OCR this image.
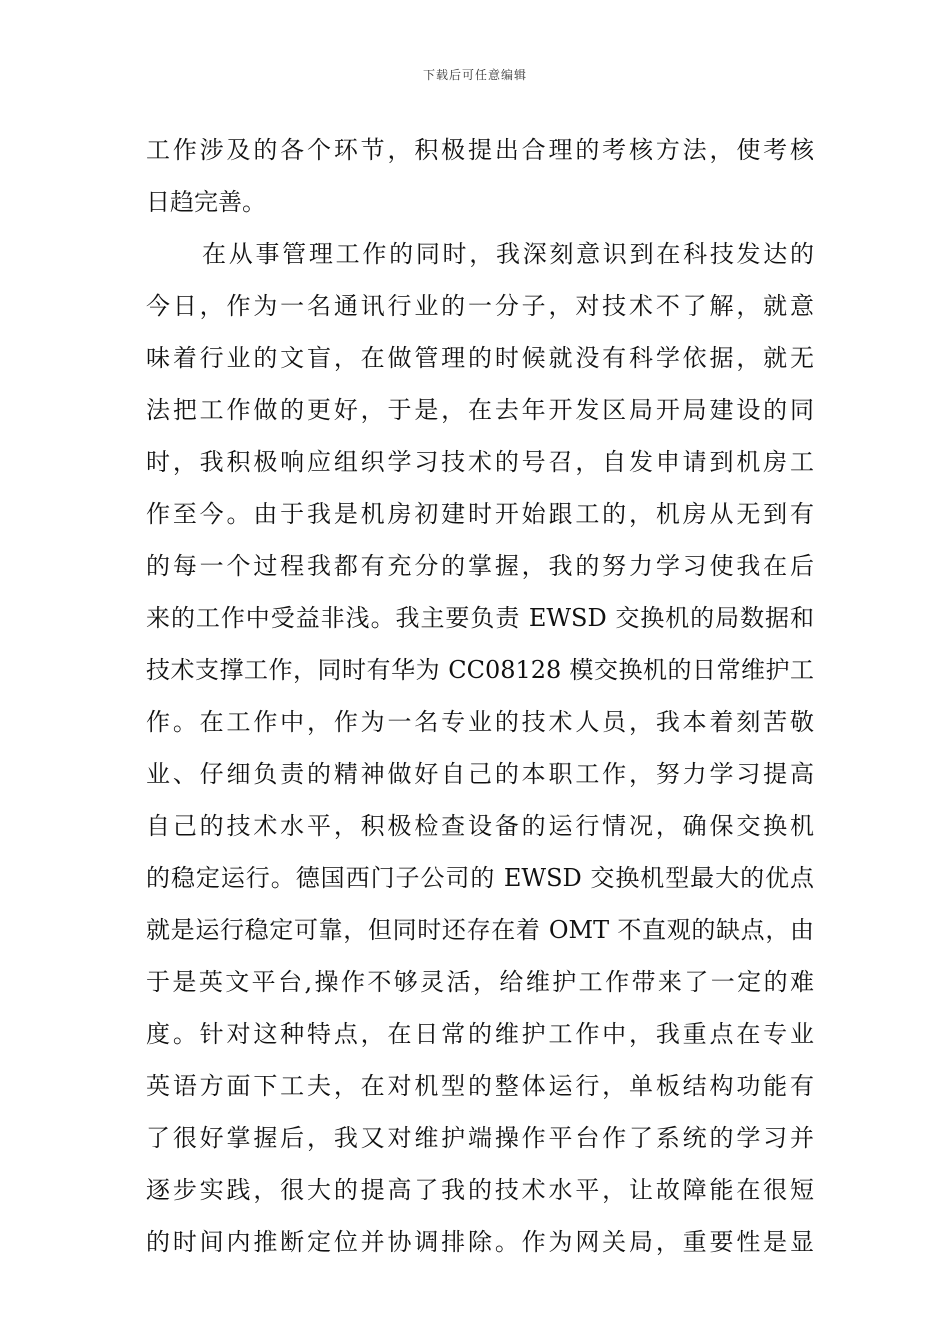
下载后可任意编辑
工作涉及的各个环节，积极提出合理的考核方法，使考核
日趋完善。
在从事管理工作的同时，我深刻意识到在科技发达的
今日，作为一名通讯行业的一分子，对技术不了解，就意
味着行业的文盲，在做管理的时候就没有科学依据，就无
法把工作做的更好，于是，在去年开发区局开局建设的同
时，我积极响应组织学习技术的号召，自发申请到机房工
作至今。由于我是机房初建时开始跟工的，机房从无到有
的每一个过程我都有充分的掌握，我的努力学习使我在后
来的工作中受益非浅。我主要负责 EWSD 交换机的局数据和
技术支撑工作，同时有华为 CC08128 模交换机的日常维护工
作。在工作中，作为一名专业的技术人员，我本着刻苦敬
业、仔细负责的精神做好自己的本职工作，努力学习提高
自己的技术水平，积极检查设备的运行情况，确保交换机
的稳定运行。德国西门子公司的 EWSD 交换机型最大的优点
就是运行稳定可靠，但同时还存在着 OMT 不直观的缺点，由
于是英文平台,操作不够灵活，给维护工作带来了一定的难
度。针对这种特点，在日常的维护工作中，我重点在专业
英语方面下工夫，在对机型的整体运行，单板结构功能有
了很好掌握后，我又对维护端操作平台作了系统的学习并
逐步实践，很大的提高了我的技术水平，让故障能在很短
的时间内推断定位并协调排除。作为网关局，重要性是显
